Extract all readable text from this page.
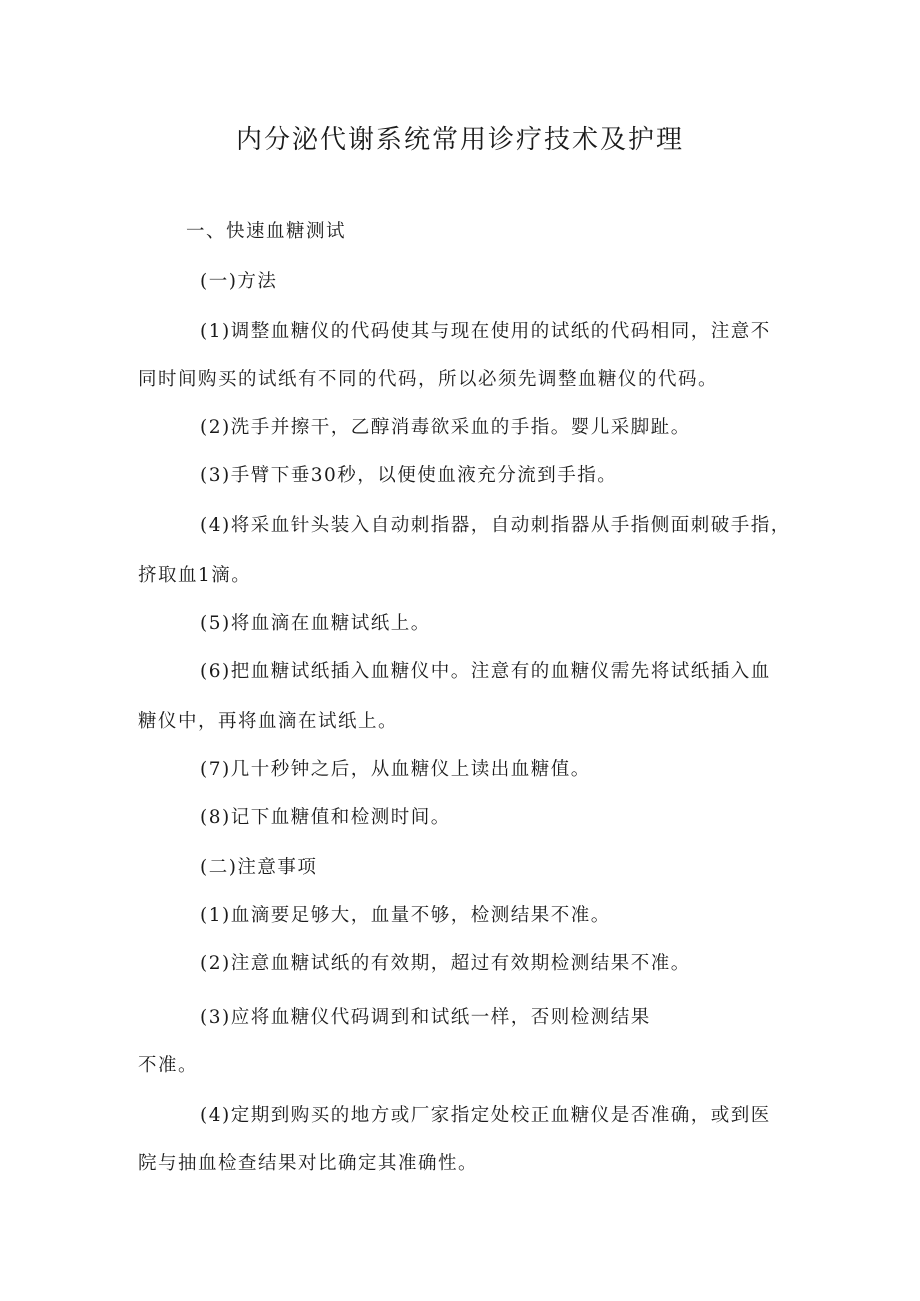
内分泌代谢系统常用诊疗技术及护理
一、快速血糖测试
(一)方法
(1)调整血糖仪的代码使其与现在使用的试纸的代码相同，注意不
同时间购买的试纸有不同的代码，所以必须先调整血糖仪的代码。
(2)洗手并擦干，乙醇消毒欲采血的手指。婴儿采脚趾。
(3)手臂下垂30秒，以便使血液充分流到手指。
(4)将采血针头装入自动刺指器，自动刺指器从手指侧面刺破手指，
挤取血1滴。
(5)将血滴在血糖试纸上。
(6)把血糖试纸插入血糖仪中。注意有的血糖仪需先将试纸插入血
糖仪中，再将血滴在试纸上。
(7)几十秒钟之后，从血糖仪上读出血糖值。
(8)记下血糖值和检测时间。
(二)注意事项
(1)血滴要足够大，血量不够，检测结果不准。
(2)注意血糖试纸的有效期，超过有效期检测结果不准。
(3)应将血糖仪代码调到和试纸一样，否则检测结果
不准。
(4)定期到购买的地方或厂家指定处校正血糖仪是否准确，或到医
院与抽血检查结果对比确定其准确性。
